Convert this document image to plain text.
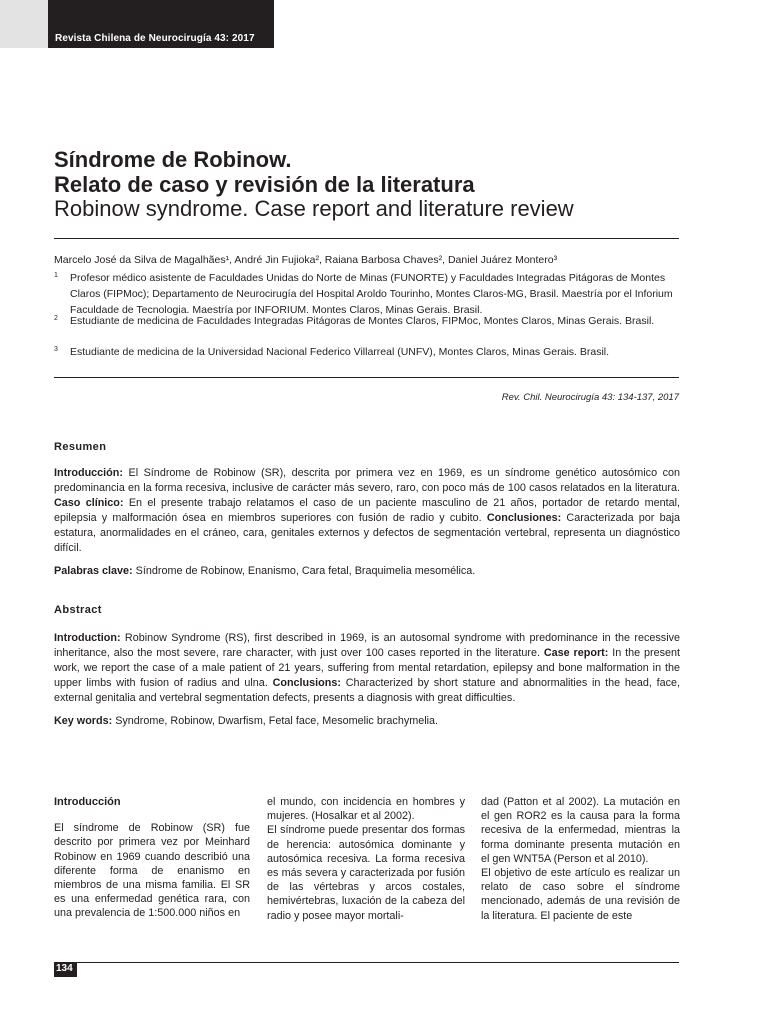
Revista Chilena de Neurocirugía 43: 2017
Síndrome de Robinow.
Relato de caso y revisión de la literatura
Robinow syndrome. Case report and literature review
Marcelo José da Silva de Magalhães¹, André Jin Fujioka², Raiana Barbosa Chaves², Daniel Juárez Montero³
1 Profesor médico asistente de Faculdades Unidas do Norte de Minas (FUNORTE) y Faculdades Integradas Pitágoras de Montes Claros (FIPMoc); Departamento de Neurocirugía del Hospital Aroldo Tourinho, Montes Claros-MG, Brasil. Maestría por el Inforium Faculdade de Tecnologia. Maestría por INFORIUM. Montes Claros, Minas Gerais. Brasil.
2 Estudiante de medicina de Faculdades Integradas Pitágoras de Montes Claros, FIPMoc, Montes Claros, Minas Gerais. Brasil.
3 Estudiante de medicina de la Universidad Nacional Federico Villarreal (UNFV), Montes Claros, Minas Gerais. Brasil.
Rev. Chil. Neurocirugía 43: 134-137, 2017
Resumen
Introducción: El Síndrome de Robinow (SR), descrita por primera vez en 1969, es un síndrome genético autosómico con predominancia en la forma recesiva, inclusive de carácter más severo, raro, con poco más de 100 casos relatados en la literatura. Caso clínico: En el presente trabajo relatamos el caso de un paciente masculino de 21 años, portador de retardo mental, epilepsia y malformación ósea en miembros superiores con fusión de radio y cubito. Conclusiones: Caracterizada por baja estatura, anormalidades en el cráneo, cara, genitales externos y defectos de segmentación vertebral, representa un diagnóstico difícil.
Palabras clave: Síndrome de Robinow, Enanismo, Cara fetal, Braquimelia mesomélica.
Abstract
Introduction: Robinow Syndrome (RS), first described in 1969, is an autosomal syndrome with predominance in the recessive inheritance, also the most severe, rare character, with just over 100 cases reported in the literature. Case report: In the present work, we report the case of a male patient of 21 years, suffering from mental retardation, epilepsy and bone malformation in the upper limbs with fusion of radius and ulna. Conclusions: Characterized by short stature and abnormalities in the head, face, external genitalia and vertebral segmentation defects, presents a diagnosis with great difficulties.
Key words: Syndrome, Robinow, Dwarfism, Fetal face, Mesomelic brachymelia.
Introducción

El síndrome de Robinow (SR) fue descrito por primera vez por Meinhard Robinow en 1969 cuando describió una diferente forma de enanismo en miembros de una misma familia. El SR es una enfermedad genética rara, con una prevalencia de 1:500.000 niños en

el mundo, con incidencia en hombres y mujeres. (Hosalkar et al 2002).

El síndrome puede presentar dos formas de herencia: autosómica dominante y autosómica recesiva. La forma recesiva es más severa y caracterizada por fusión de las vértebras y arcos costales, hemivértebras, luxación de la cabeza del radio y posee mayor mortali-

dad (Patton et al 2002). La mutación en el gen ROR2 es la causa para la forma recesiva de la enfermedad, mientras la forma dominante presenta mutación en el gen WNT5A (Person et al 2010).

El objetivo de este artículo es realizar un relato de caso sobre el síndrome mencionado, además de una revisión de la literatura. El paciente de este

134
